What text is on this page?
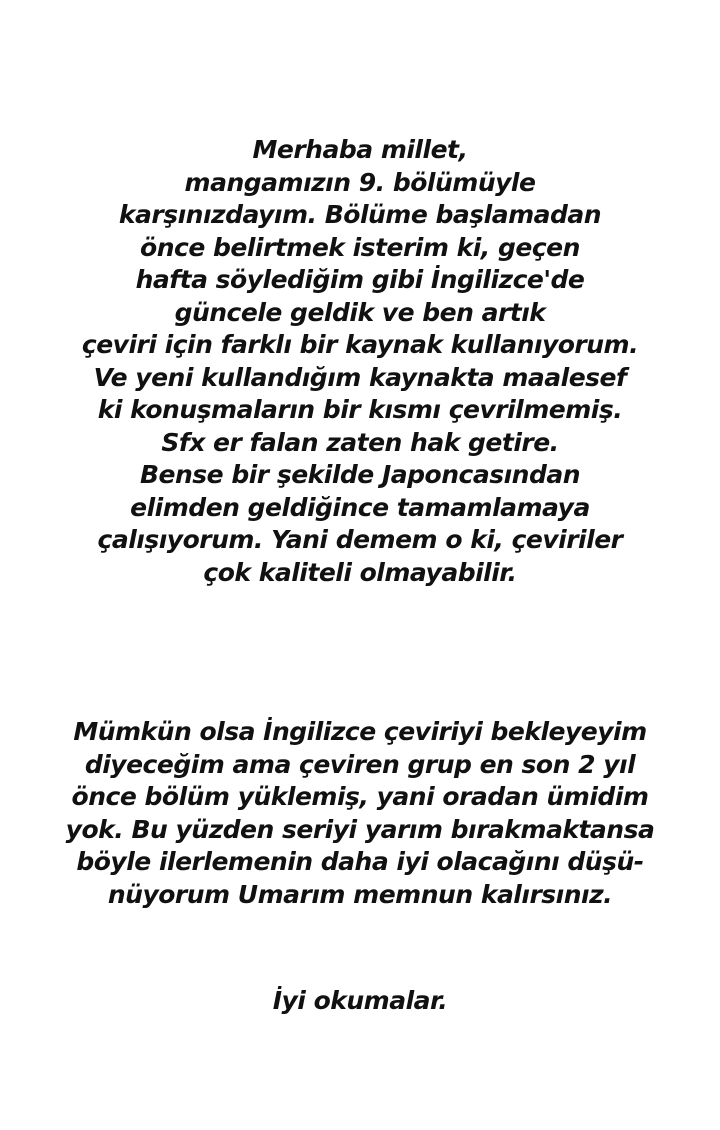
Merhaba millet,
mangamızın 9. bölümüyle
karşınızdayım. Bölüme başlamadan
önce belirtmek isterim ki, geçen
hafta söylediğim gibi İngilizce'de
güncele geldik ve ben artık
çeviri için farklı bir kaynak kullanıyorum.
Ve yeni kullandığım kaynakta maalesef
ki konuşmaların bir kısmı çevrilmemiş.
Sfx er falan zaten hak getire.
Bense bir şekilde Japoncasından
elimden geldiğince tamamlamaya
çalışıyorum. Yani demem o ki, çeviriler
çok kaliteli olmayabilir.
Mümkün olsa İngilizce çeviriyi bekleyeyim
diyeceğim ama çeviren grup en son 2 yıl
önce bölüm yüklemiş, yani oradan ümidim
yok. Bu yüzden seriyi yarım bırakmaktansa
böyle ilerlemenin daha iyi olacağını düşü-
nüyorum Umarım memnun kalırsınız.
İyi okumalar.
